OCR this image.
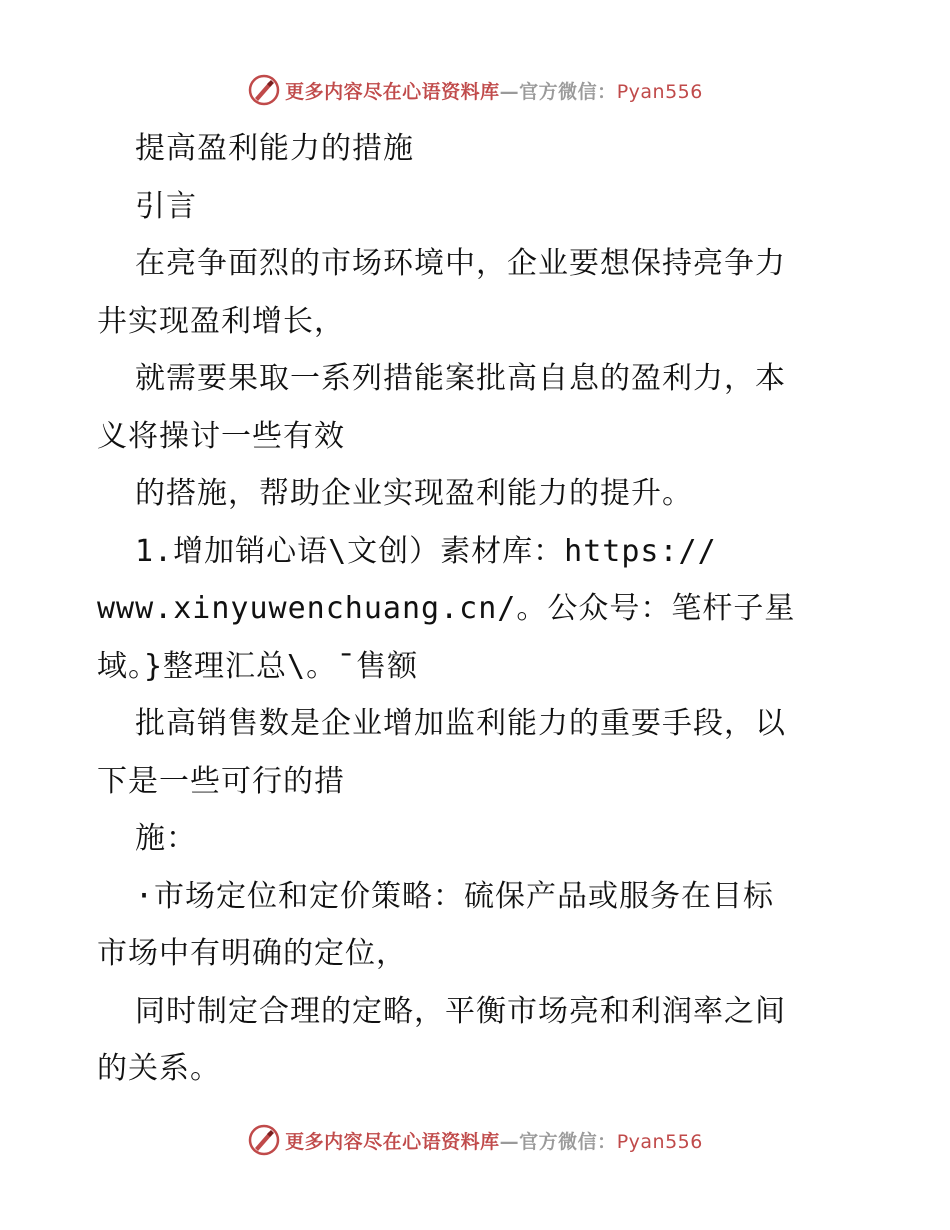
更多内容尽在心语资料库—官方微信：Pyan556
提高盈利能力的措施
引言
在亮争面烈的市场环境中，企业要想保持亮争力
井实现盈利增长，
就需要果取一系列措能案批高自息的盈利力，本
义将操讨一些有效
的搭施，帮助企业实现盈利能力的提升。
1.增加销心语\文创）素材库：https://
www.xinyuwenchuang.cn/。公众号：笔杆子星
域。}整理汇总\。¯售额
批高销售数是企业增加监利能力的重要手段，以
下是一些可行的措
施：
·市场定位和定价策略：硫保产品或服务在目标
市场中有明确的定位，
同时制定合理的定略，平衡市场亮和利润率之间
的关系。
更多内容尽在心语资料库—官方微信：Pyan556
